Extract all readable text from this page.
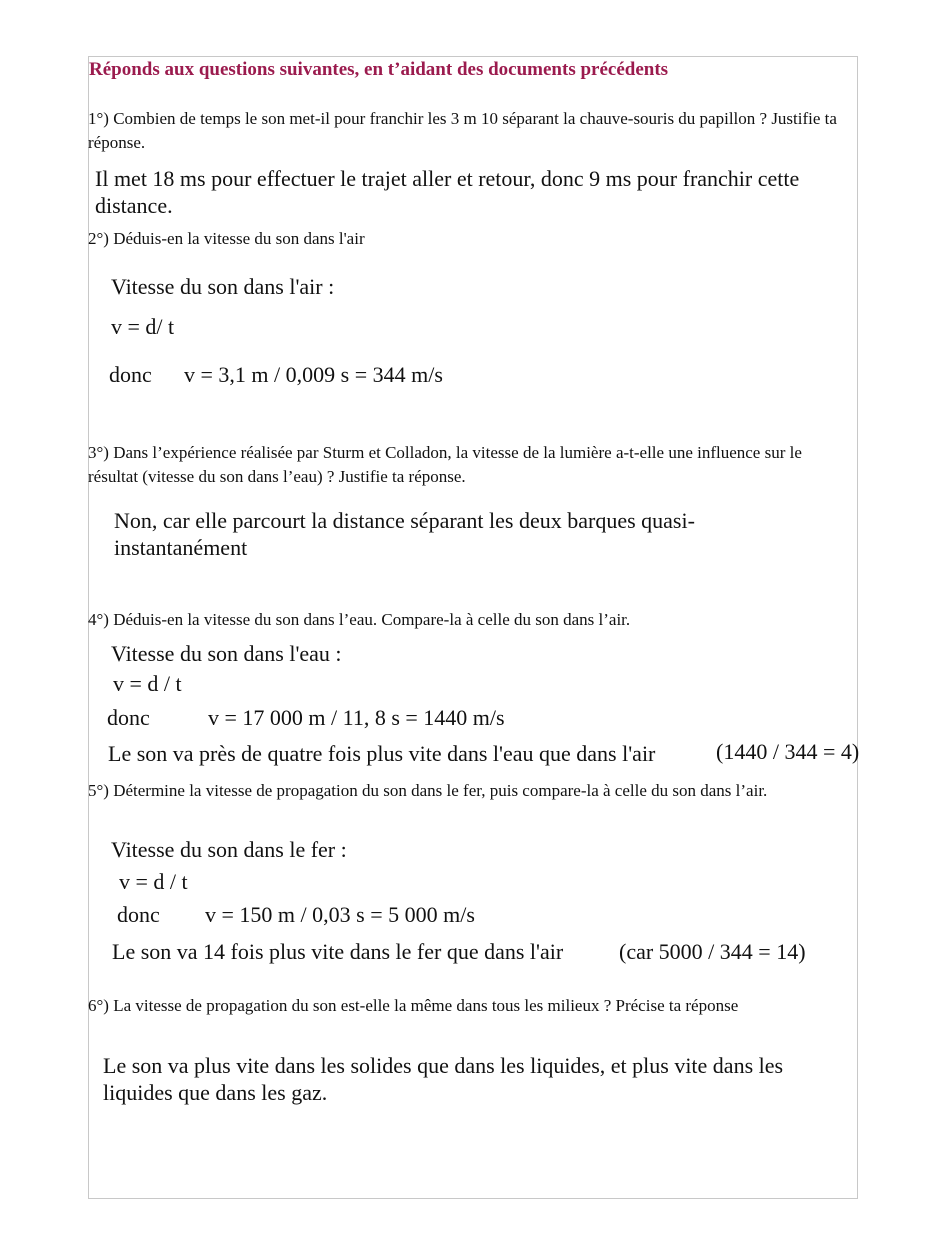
Réponds aux questions suivantes, en t’aidant des documents précédents
1°) Combien de temps le son met-il pour franchir les 3 m 10 séparant la chauve-souris du papillon ? Justifie ta réponse.
Il met 18 ms pour effectuer le trajet aller et retour, donc 9 ms pour franchir cette distance.
2°) Déduis-en la vitesse du son dans l'air
Vitesse du son dans l'air :
v = d/ t
donc v = 3,1 m / 0,009 s = 344 m/s
3°) Dans l’expérience réalisée par Sturm et Colladon, la vitesse de la lumière a-t-elle une influence sur le résultat (vitesse du son dans l’eau) ? Justifie ta réponse.
Non, car elle parcourt la distance séparant les deux barques quasi-instantanément
4°) Déduis-en la vitesse du son dans l’eau. Compare-la à celle du son dans l’air.
Vitesse du son dans l'eau :
v = d / t
donc	v = 17 000 m / 11, 8 s = 1440 m/s
Le son va près de quatre fois plus vite dans l'eau que dans l'air	(1440 / 344 = 4)
5°) Détermine la vitesse de propagation du son dans le fer, puis compare-la à celle du son dans l’air.
Vitesse du son dans le fer :
v = d / t
donc v = 150 m / 0,03 s = 5 000 m/s
Le son va 14 fois plus vite dans le fer que dans l'air	(car 5000 / 344 = 14)
6°) La vitesse de propagation du son est-elle la même dans tous les milieux ? Précise ta réponse
Le son va plus vite dans les solides que dans les liquides, et plus vite dans les liquides que dans les gaz.
